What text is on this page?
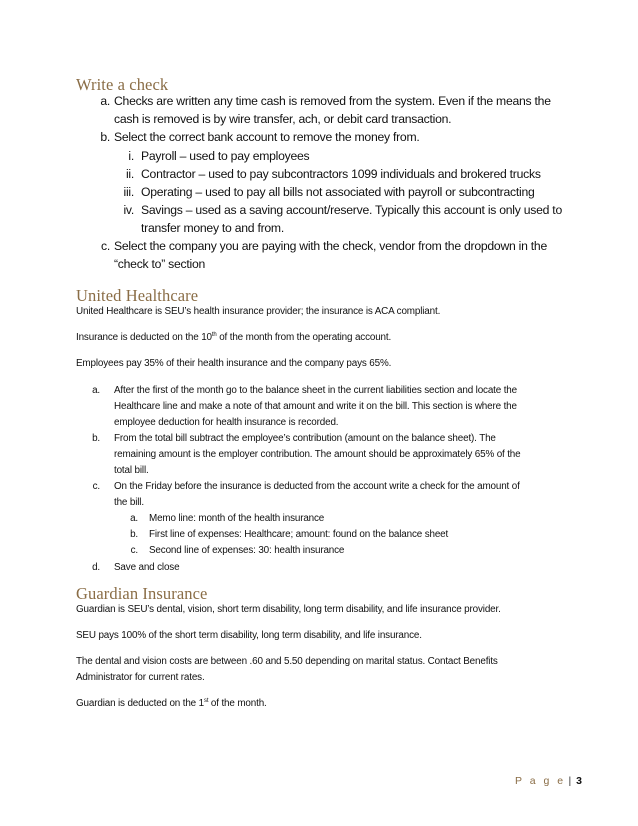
Write a check
a. Checks are written any time cash is removed from the system. Even if the means the
cash is removed is by wire transfer, ach, or debit card transaction.
b. Select the correct bank account to remove the money from.
i. Payroll – used to pay employees
ii. Contractor – used to pay subcontractors 1099 individuals and brokered trucks
iii. Operating – used to pay all bills not associated with payroll or subcontracting
iv. Savings – used as a saving account/reserve. Typically this account is only used to
transfer money to and from.
c. Select the company you are paying with the check, vendor from the dropdown in the
“check to” section
United Healthcare
United Healthcare is SEU’s health insurance provider; the insurance is ACA compliant.
Insurance is deducted on the 10th of the month from the operating account.
Employees pay 35% of their health insurance and the company pays 65%.
a. After the first of the month go to the balance sheet in the current liabilities section and locate the
Healthcare line and make a note of that amount and write it on the bill. This section is where the
employee deduction for health insurance is recorded.
b. From the total bill subtract the employee’s contribution (amount on the balance sheet). The
remaining amount is the employer contribution. The amount should be approximately 65% of the
total bill.
c. On the Friday before the insurance is deducted from the account write a check for the amount of
the bill.
a. Memo line: month of the health insurance
b. First line of expenses: Healthcare; amount: found on the balance sheet
c. Second line of expenses: 30: health insurance
d. Save and close
Guardian Insurance
Guardian is SEU’s dental, vision, short term disability, long term disability, and life insurance provider.
SEU pays 100% of the short term disability, long term disability, and life insurance.
The dental and vision costs are between .60 and 5.50 depending on marital status. Contact Benefits
Administrator for current rates.
Guardian is deducted on the 1st of the month.
P a g e | 3
